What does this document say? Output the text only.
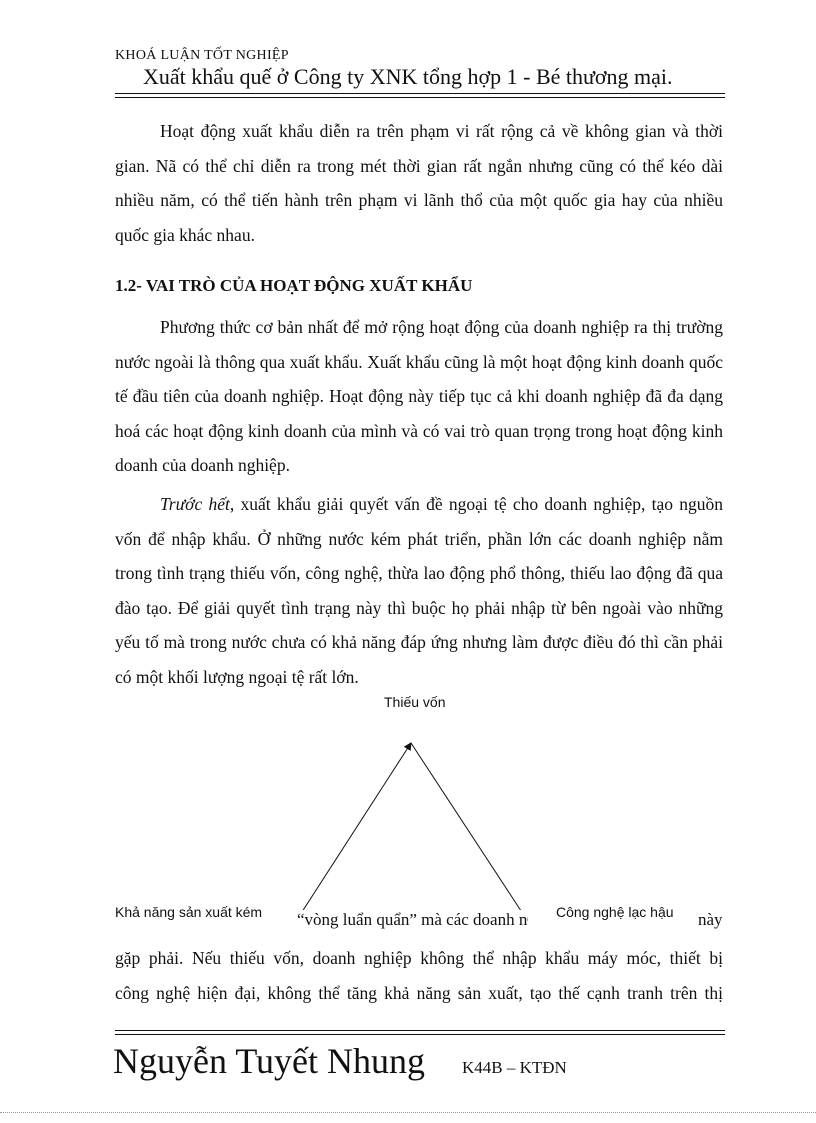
KHOÁ LUẬN TỐT NGHIỆP
Xuất khẩu quế ở Công ty XNK tổng hợp 1 - Bé thương mại.

Hoạt động xuất khẩu diễn ra trên phạm vi rất rộng cả về không gian và thời gian. Nã có thể chỉ diễn ra trong mét thời gian rất ngắn nhưng cũng có thể kéo dài nhiều năm, có thể tiến hành trên phạm vi lãnh thổ của một quốc gia hay của nhiều quốc gia khác nhau.

1.2- VAI TRÒ CỦA HOẠT ĐỘNG XUẤT KHẨU

Phương thức cơ bản nhất để mở rộng hoạt động của doanh nghiệp ra thị trường nước ngoài là thông qua xuất khẩu. Xuất khẩu cũng là một hoạt động kinh doanh quốc tế đầu tiên của doanh nghiệp. Hoạt động này tiếp tục cả khi doanh nghiệp đã đa dạng hoá các hoạt động kinh doanh của mình và có vai trò quan trọng trong hoạt động kinh doanh của doanh nghiệp.

Trước hết, xuất khẩu giải quyết vấn đề ngoại tệ cho doanh nghiệp, tạo nguồn vốn để nhập khẩu. Ở những nước kém phát triển, phần lớn các doanh nghiệp nằm trong tình trạng thiếu vốn, công nghệ, thừa lao động phổ thông, thiếu lao động đã qua đào tạo. Để giải quyết tình trạng này thì buộc họ phải nhập từ bên ngoài vào những yếu tố mà trong nước chưa có khả năng đáp ứng nhưng làm được điều đó thì cần phải có một khối lượng ngoại tệ rất lớn.

Thiếu vốn
Khả năng sản xuất kém	Công nghệ lạc hậu
“vòng luẩn quẩn” mà các doanh n	này
gặp phải. Nếu thiếu vốn, doanh nghiệp không thể nhập khẩu máy móc, thiết bị
công nghệ hiện đại, không thể tăng khả năng sản xuất, tạo thế cạnh tranh trên thị
Nguyễn Tuyết Nhung K44B – KTĐN
